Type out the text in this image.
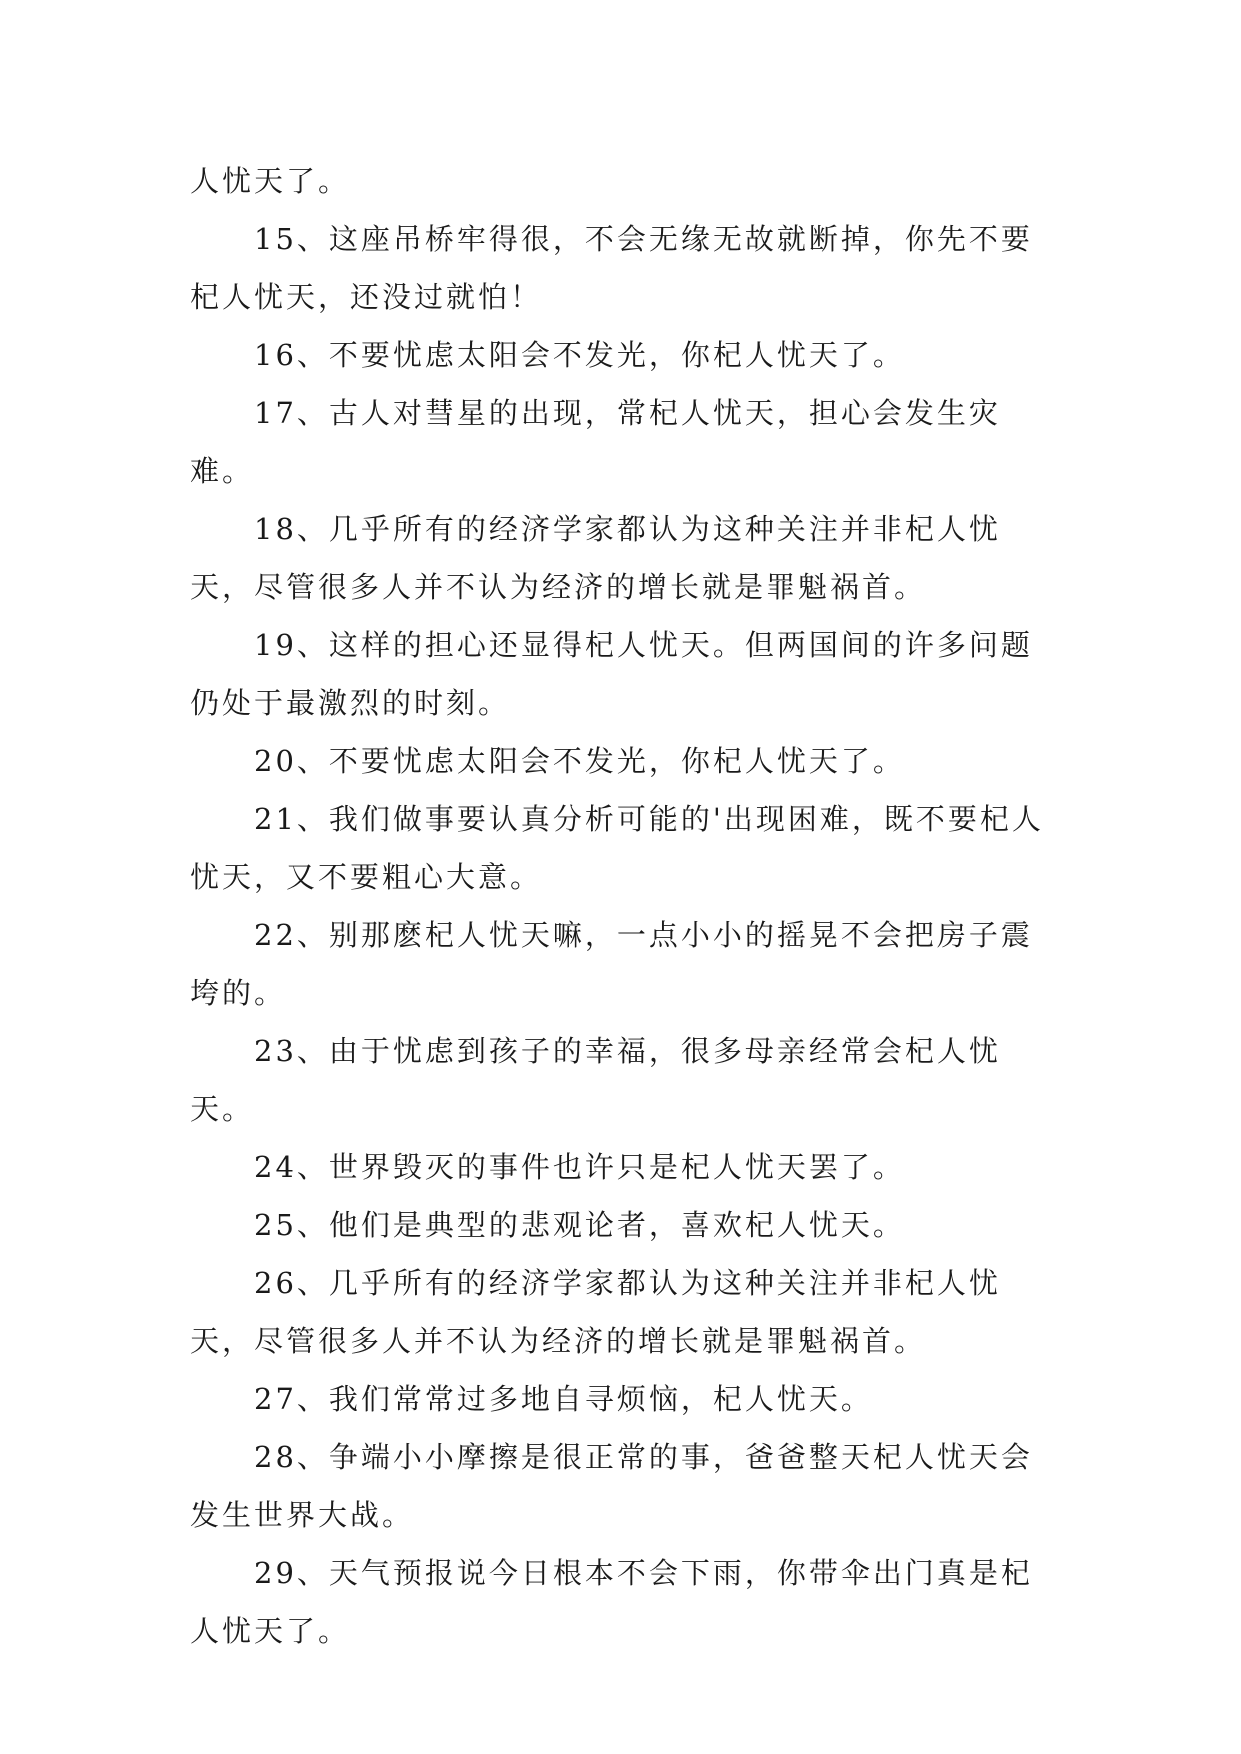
人忧天了。

15、这座吊桥牢得很，不会无缘无故就断掉，你先不要杞人忧天，还没过就怕！

16、不要忧虑太阳会不发光，你杞人忧天了。

17、古人对彗星的出现，常杞人忧天，担心会发生灾难。

18、几乎所有的经济学家都认为这种关注并非杞人忧天，尽管很多人并不认为经济的增长就是罪魁祸首。

19、这样的担心还显得杞人忧天。但两国间的许多问题仍处于最激烈的时刻。

20、不要忧虑太阳会不发光，你杞人忧天了。

21、我们做事要认真分析可能的'出现困难，既不要杞人忧天，又不要粗心大意。

22、别那麽杞人忧天嘛，一点小小的摇晃不会把房子震垮的。

23、由于忧虑到孩子的幸福，很多母亲经常会杞人忧天。

24、世界毁灭的事件也许只是杞人忧天罢了。

25、他们是典型的悲观论者，喜欢杞人忧天。

26、几乎所有的经济学家都认为这种关注并非杞人忧天，尽管很多人并不认为经济的增长就是罪魁祸首。

27、我们常常过多地自寻烦恼，杞人忧天。

28、争端小小摩擦是很正常的事，爸爸整天杞人忧天会发生世界大战。

29、天气预报说今日根本不会下雨，你带伞出门真是杞人忧天了。
